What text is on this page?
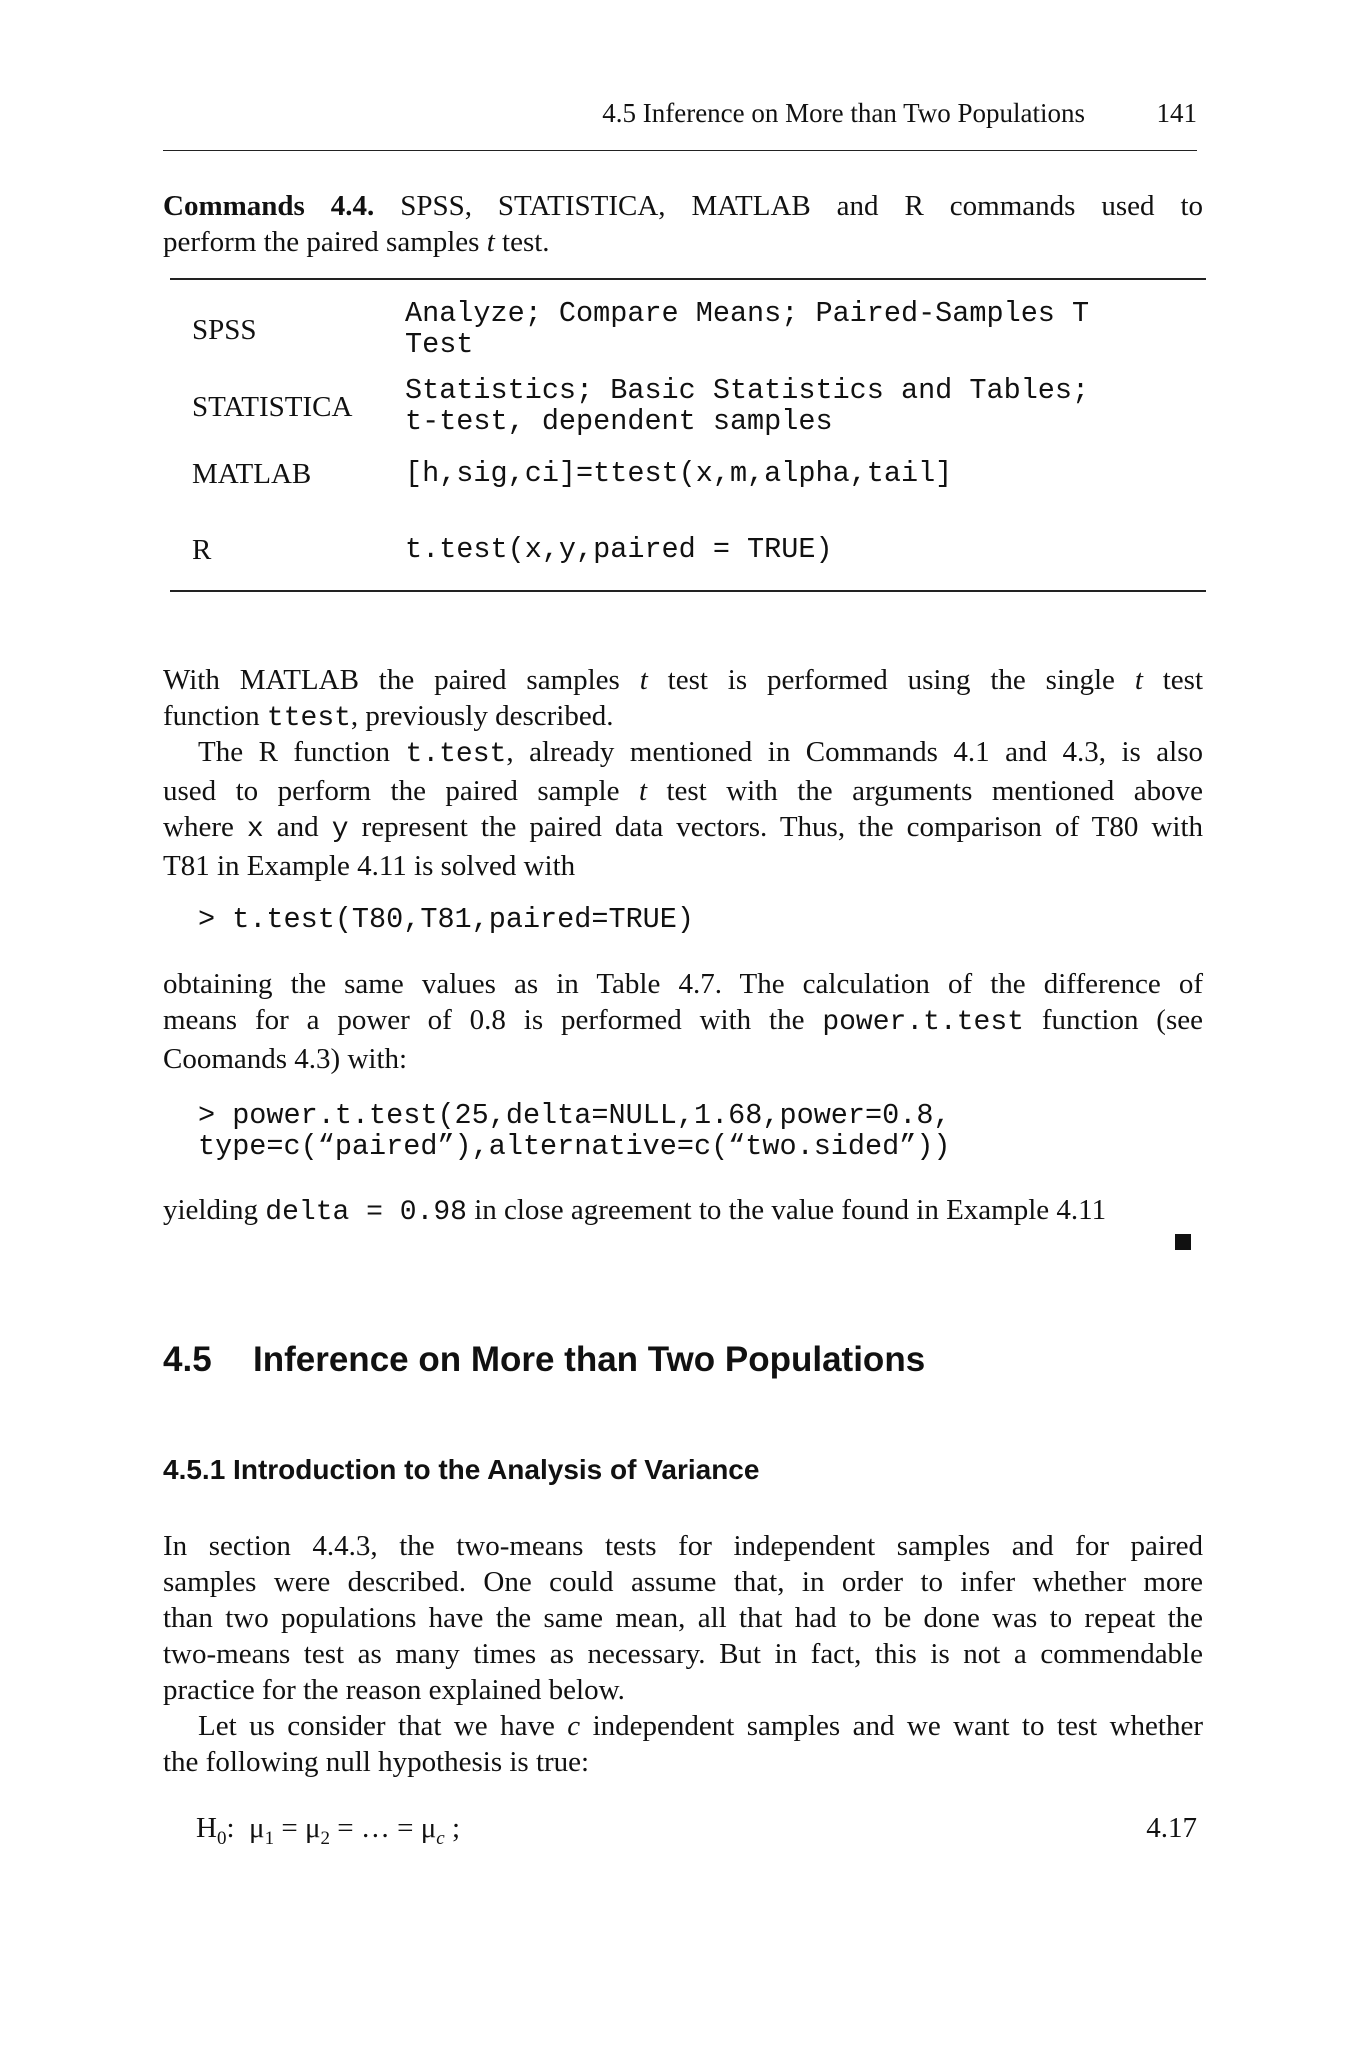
4.5 Inference on More than Two Populations	141

Commands 4.4. SPSS, STATISTICA, MATLAB and R commands used to
perform the paired samples t test.

SPSS	Analyze; Compare Means; Paired-Samples T
Test
STATISTICA Statistics; Basic Statistics and Tables;
t-test, dependent samples
MATLAB	[h,sig,ci]=ttest(x,m,alpha,tail]
R	t.test(x,y,paired = TRUE)

With MATLAB the paired samples t test is performed using the single t test
function ttest, previously described.

The R function t.test, already mentioned in Commands 4.1 and 4.3, is also
used to perform the paired sample t test with the arguments mentioned above
where x and y represent the paired data vectors. Thus, the comparison of T80 with
T81 in Example 4.11 is solved with

> t.test(T80,T81,paired=TRUE)

obtaining the same values as in Table 4.7. The calculation of the difference of
means for a power of 0.8 is performed with the power.t.test function (see
Coomands 4.3) with:

> power.t.test(25,delta=NULL,1.68,power=0.8,
type=c(“paired”),alternative=c(“two.sided”))

yielding delta = 0.98 in close agreement to the value found in Example 4.11

4.5 Inference on More than Two Populations
4.5.1 Introduction to the Analysis of Variance

In section 4.4.3, the two-means tests for independent samples and for paired
samples were described. One could assume that, in order to infer whether more
than two populations have the same mean, all that had to be done was to repeat the
two-means test as many times as necessary. But in fact, this is not a commendable
practice for the reason explained below.

Let us consider that we have c independent samples and we want to test whether
the following null hypothesis is true:

$H_0$: $\mu_1 = \mu_2$ = … = $\mu_c$ ;	4.17
